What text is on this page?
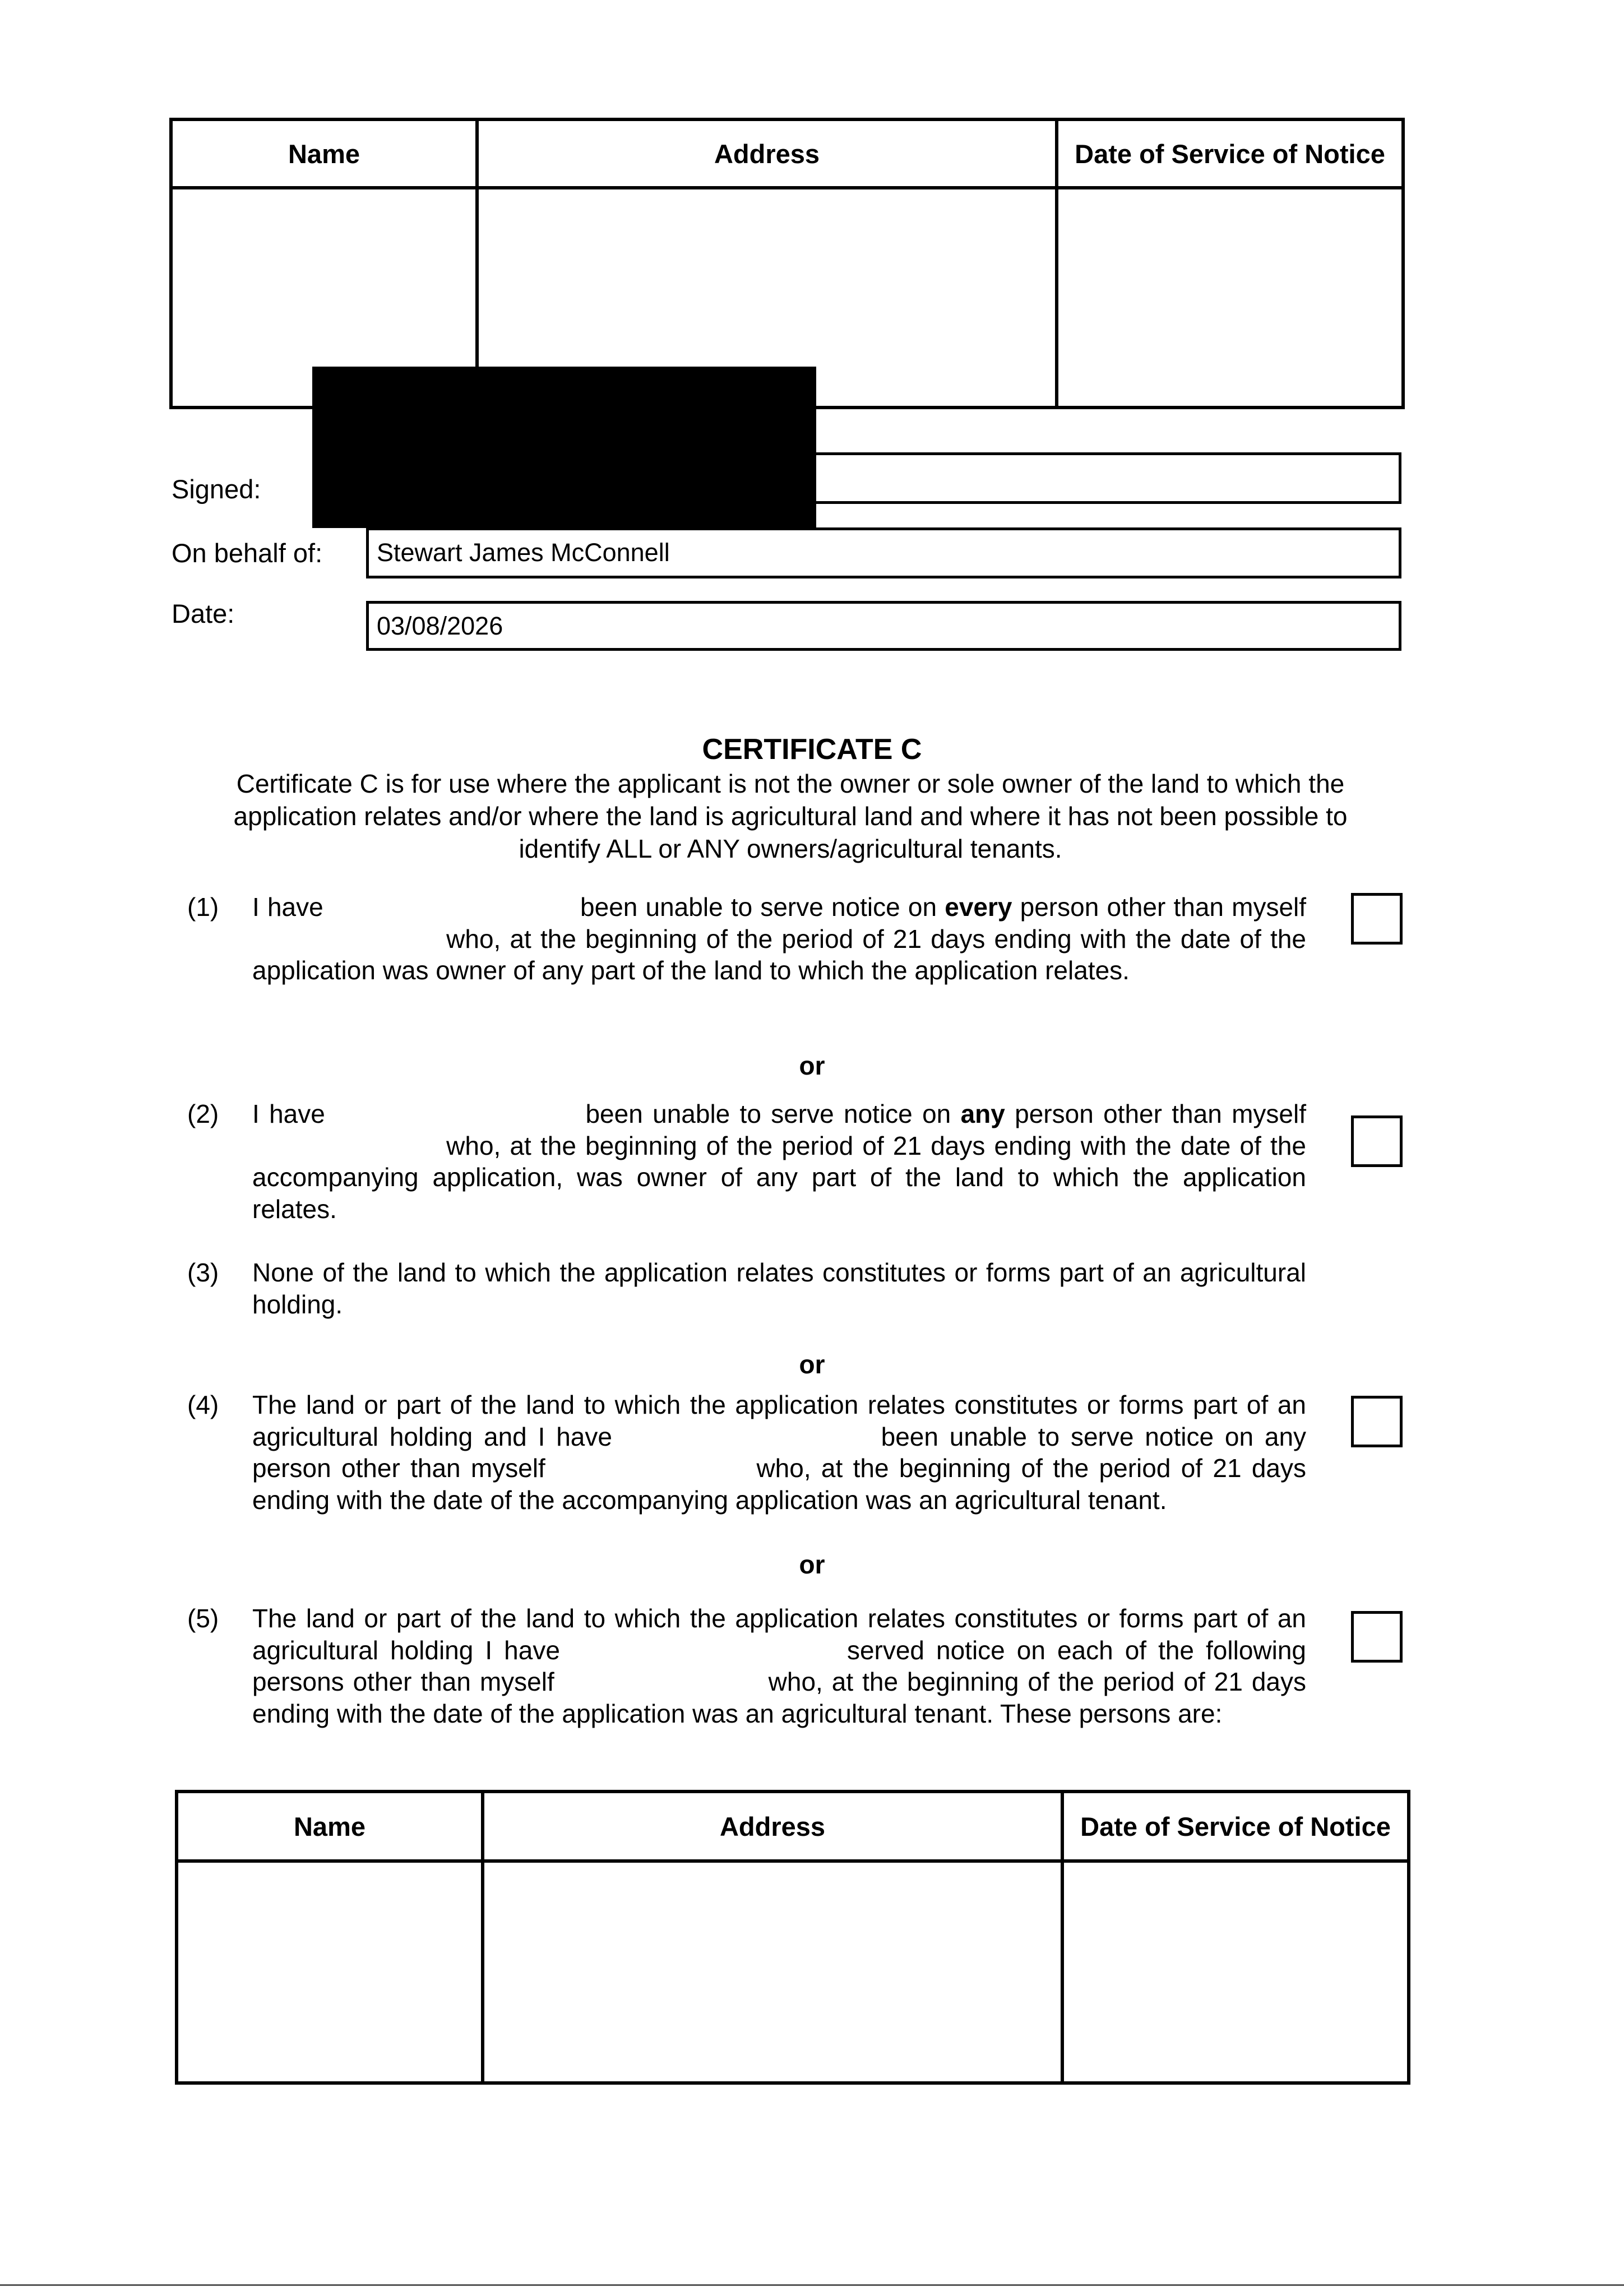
Name	Address	Date of Service of Notice

Signed:
On behalf of:	Stewart James McConnell
Date:	03/08/2026
CERTIFICATE C
Certificate C is for use where the applicant is not the owner or sole owner of the land to which the application relates and/or where the land is agricultural land and where it has not been possible to identify ALL or ANY owners/agricultural tenants.
(1) I have	been unable to serve notice on every person other than myself  who, at the beginning of the period of 21 days ending with the date of the application was owner of any part of the land to which the application relates.
or
(2) I have	been unable to serve notice on any person other than myself  who, at the beginning of the period of 21 days ending with the date of the accompanying application, was owner of any part of the land to which the application relates.
(3) None of the land to which the application relates constitutes or forms part of an agricultural holding.
or
(4) The land or part of the land to which the application relates constitutes or forms part of an agricultural holding and I have	been unable to serve notice on any person other than myself	who, at the beginning of the period of 21 days ending with the date of the accompanying application was an agricultural tenant.
or
(5) The land or part of the land to which the application relates constitutes or forms part of an agricultural holding I have	served notice on each of the following persons other than myself	who, at the beginning of the period of 21 days ending with the date of the application was an agricultural tenant. These persons are:
Name	Address	Date of Service of Notice
